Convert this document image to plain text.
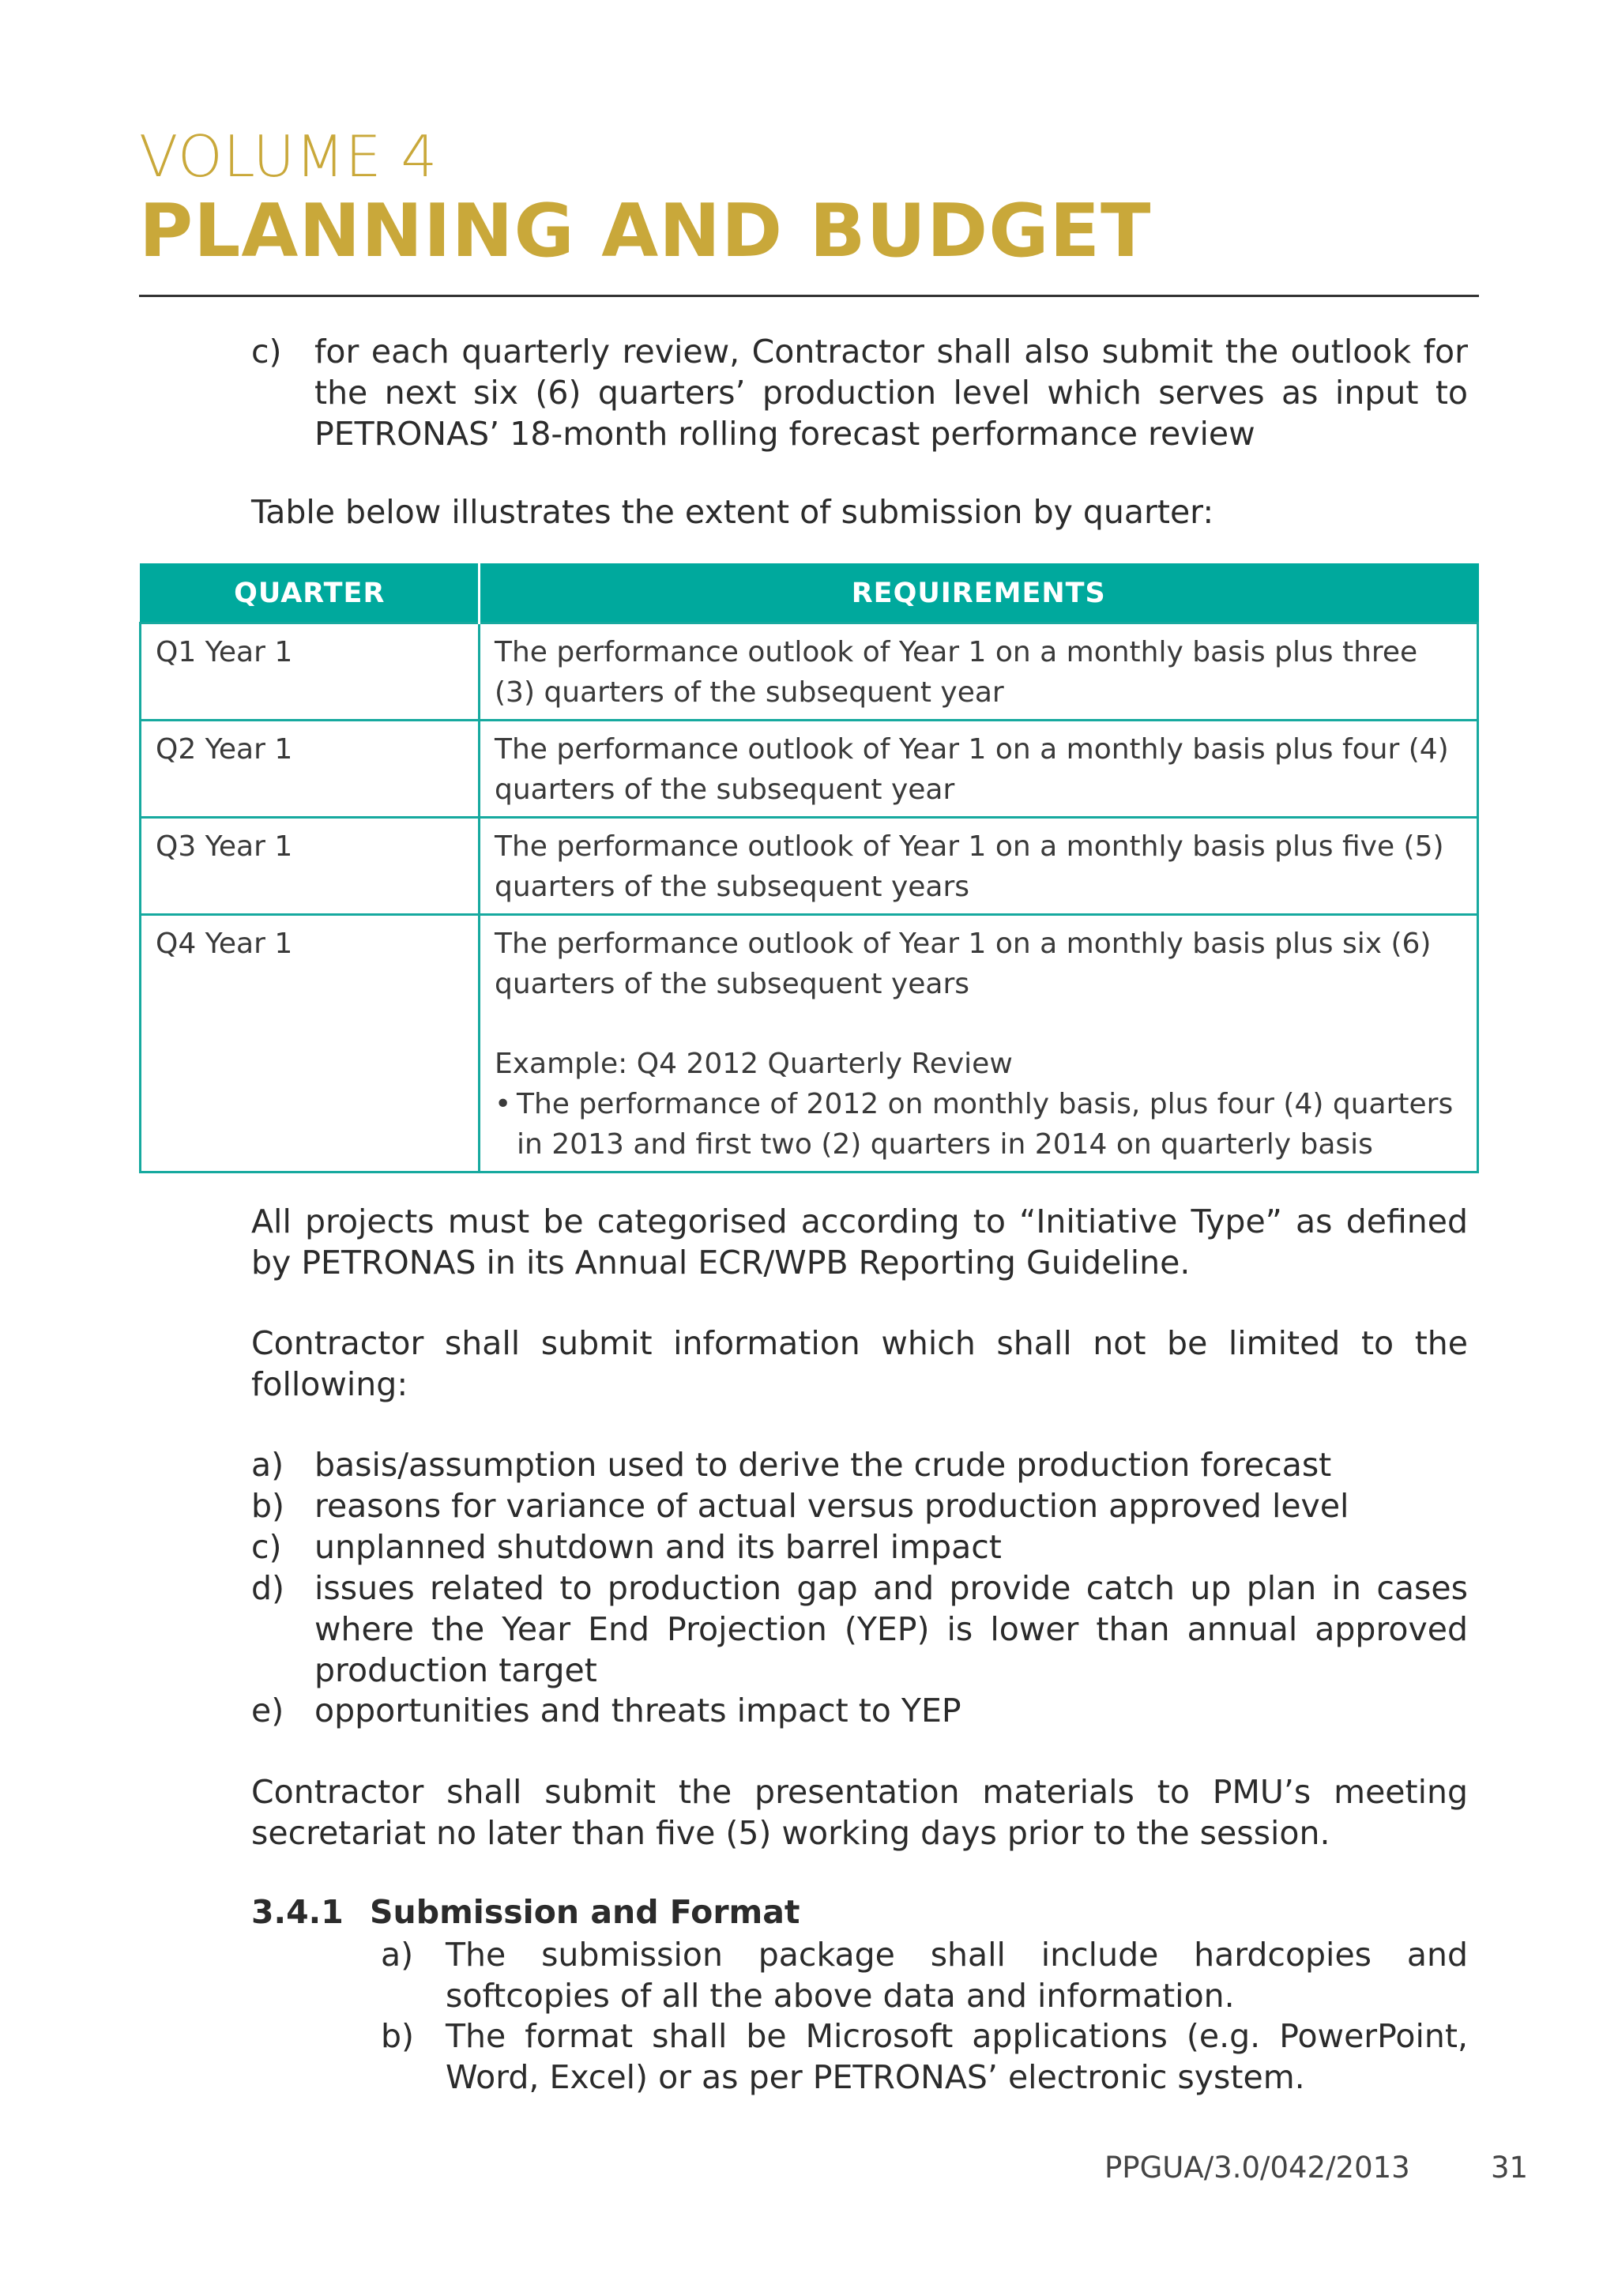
VOLUME 4
PLANNING AND BUDGET
c)	for each quarterly review, Contractor shall also submit the outlook for the next six (6) quarters’ production level which serves as input to PETRONAS’ 18-month rolling forecast performance review
Table below illustrates the extent of submission by quarter:
QUARTER	REQUIREMENTS
Q1 Year 1	The performance outlook of Year 1 on a monthly basis plus three (3) quarters of the subsequent year
Q2 Year 1	The performance outlook of Year 1 on a monthly basis plus four (4) quarters of the subsequent year
Q3 Year 1	The performance outlook of Year 1 on a monthly basis plus five (5) quarters of the subsequent years
Q4 Year 1	The performance outlook of Year 1 on a monthly basis plus six (6) quarters of the subsequent years
Example: Q4 2012 Quarterly Review
• The performance of 2012 on monthly basis, plus four (4) quarters in 2013 and first two (2) quarters in 2014 on quarterly basis
All projects must be categorised according to “Initiative Type” as defined by PETRONAS in its Annual ECR/WPB Reporting Guideline.
Contractor shall submit information which shall not be limited to the following:
a) basis/assumption used to derive the crude production forecast
b) reasons for variance of actual versus production approved level
c)	unplanned shutdown and its barrel impact
d) issues related to production gap and provide catch up plan in cases where the Year End Projection (YEP) is lower than annual approved production target
e) opportunities and threats impact to YEP
Contractor shall submit the presentation materials to PMU’s meeting secretariat no later than five (5) working days prior to the session.
3.4.1 Submission and Format
a) The submission package shall include hardcopies and softcopies of all the above data and information.
b) The format shall be Microsoft applications (e.g. PowerPoint, Word, Excel) or as per PETRONAS’ electronic system.
PPGUA/3.0/042/2013	31
